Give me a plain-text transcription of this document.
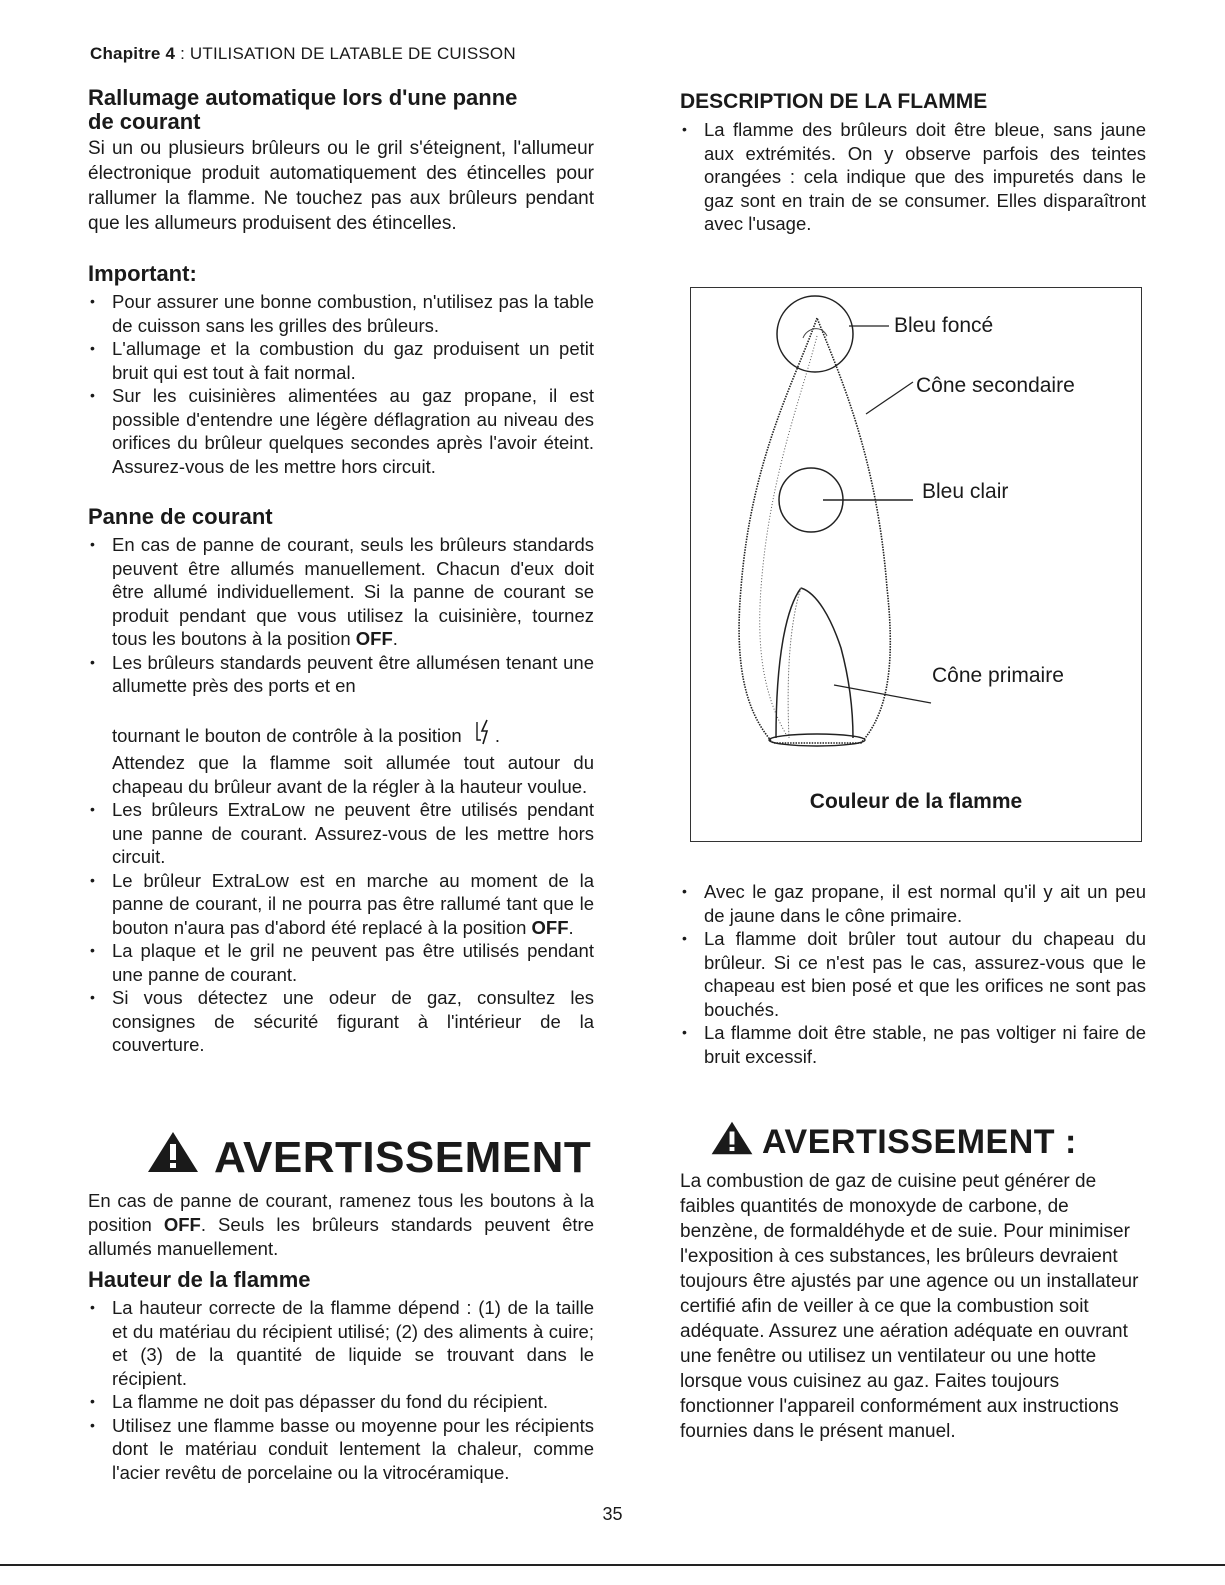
Chapitre 4 : UTILISATION DE LATABLE DE CUISSON
Rallumage automatique lors d'une panne
de courant

Si un ou plusieurs brûleurs ou le gril s'éteignent, l'allumeur électronique produit automatiquement des étincelles pour rallumer la flamme. Ne touchez pas aux brûleurs pendant que les allumeurs produisent des étincelles.

Important:
• Pour assurer une bonne combustion, n'utilisez pas la table de cuisson sans les grilles des brûleurs.
• L'allumage et la combustion du gaz produisent un petit bruit qui est tout à fait normal.
• Sur les cuisinières alimentées au gaz propane, il est possible d'entendre une légère déflagration au niveau des orifices du brûleur quelques secondes après l'avoir éteint. Assurez-vous de les mettre hors circuit.
Panne de courant
• En cas de panne de courant, seuls les brûleurs standards peuvent être allumés manuellement. Chacun d'eux doit être allumé individuellement. Si la panne de courant se produit pendant que vous utilisez la cuisinière, tournez tous les boutons à la position OFF.
• Les brûleurs standards peuvent être allumésen tenant une allumette près des ports et en
tournant le bouton de contrôle à la position .
Attendez que la flamme soit allumée tout autour du chapeau du brûleur avant de la régler à la hauteur voulue.
• Les brûleurs ExtraLow ne peuvent être utilisés pendant une panne de courant. Assurez-vous de les mettre hors circuit.
• Le brûleur ExtraLow est en marche au moment de la panne de courant, il ne pourra pas être rallumé tant que le bouton n'aura pas d'abord été replacé à la position OFF.
• La plaque et le gril ne peuvent pas être utilisés pendant une panne de courant.
• Si vous détectez une odeur de gaz, consultez les consignes de sécurité figurant à l'intérieur de la couverture.
AVERTISSEMENT

En cas de panne de courant, ramenez tous les boutons à la position OFF. Seuls les brûleurs standards peuvent être allumés manuellement.

Hauteur de la flamme
• La hauteur correcte de la flamme dépend : (1) de la taille et du matériau du récipient utilisé; (2) des aliments à cuire; et (3) de la quantité de liquide se trouvant dans le récipient.
• La flamme ne doit pas dépasser du fond du récipient.
• Utilisez une flamme basse ou moyenne pour les récipients dont le matériau conduit lentement la chaleur, comme l'acier revêtu de porcelaine ou la vitrocéramique.
DESCRIPTION DE LA FLAMME
• La flamme des brûleurs doit être bleue, sans jaune aux extrémités. On y observe parfois des teintes orangées : cela indique que des impuretés dans le gaz sont en train de se consumer. Elles disparaîtront avec l'usage.
Bleu foncé
Cône secondaire
Bleu clair
Cône primaire
Couleur de la flamme
• Avec le gaz propane, il est normal qu'il y ait un peu de jaune dans le cône primaire.
• La flamme doit brûler tout autour du chapeau du brûleur. Si ce n'est pas le cas, assurez-vous que le chapeau est bien posé et que les orifices ne sont pas bouchés.
• La flamme doit être stable, ne pas voltiger ni faire de bruit excessif.
AVERTISSEMENT :

La combustion de gaz de cuisine peut générer de faibles quantités de monoxyde de carbone, de benzène, de formaldéhyde et de suie. Pour minimiser l'exposition à ces substances, les brûleurs devraient toujours être ajustés par une agence ou un installateur certifié afin de veiller à ce que la combustion soit adéquate. Assurez une aération adéquate en ouvrant une fenêtre ou utilisez un ventilateur ou une hotte lorsque vous cuisinez au gaz. Faites toujours fonctionner l'appareil conformément aux instructions fournies dans le présent manuel.

35
